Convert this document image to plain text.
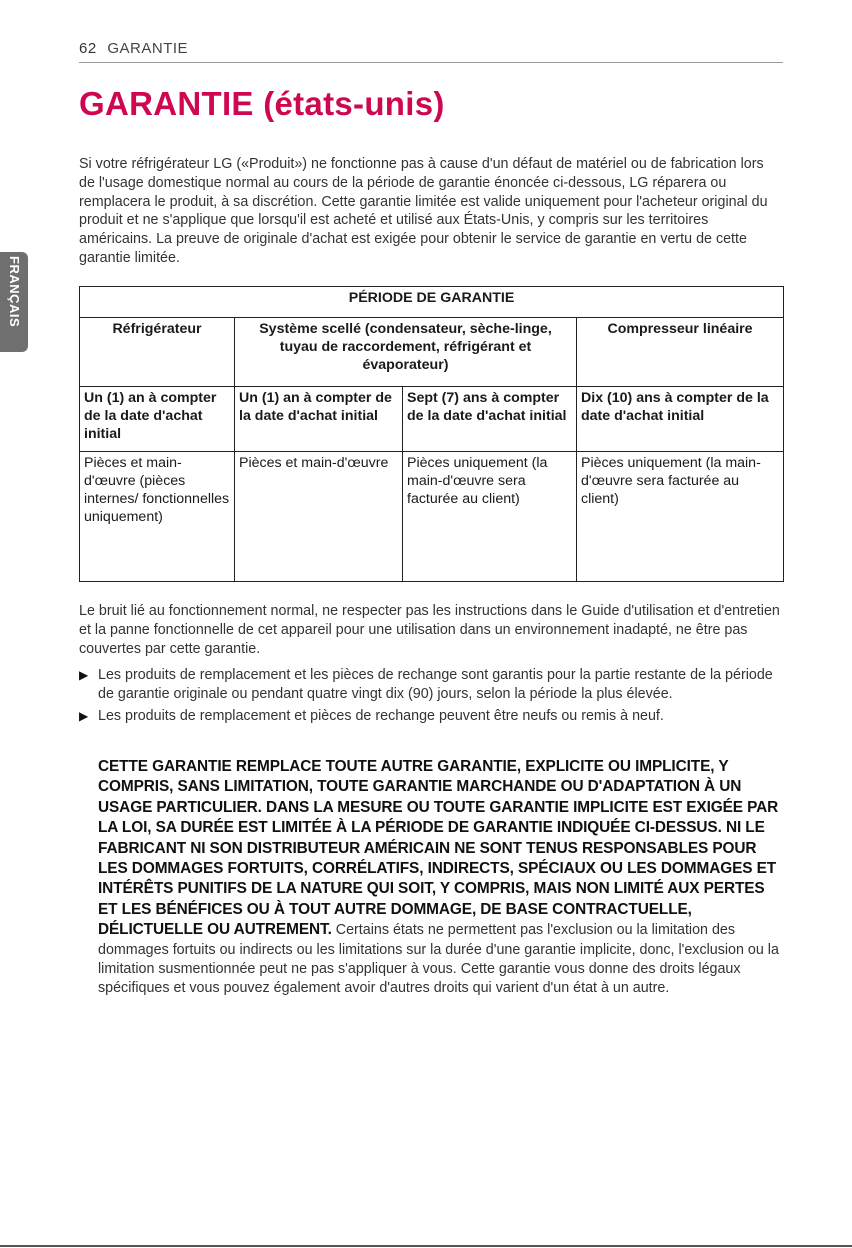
62 GARANTIE
GARANTIE (états-unis)
FRANÇAIS

Si votre réfrigérateur LG («Produit») ne fonctionne pas à cause d'un défaut de matériel ou de fabrication lors de l'usage domestique normal au cours de la période de garantie énoncée ci-dessous, LG réparera ou remplacera le produit, à sa discrétion. Cette garantie limitée est valide uniquement pour l'acheteur original du produit et ne s'applique que lorsqu'il est acheté et utilisé aux États-Unis, y compris sur les territoires américains. La preuve de originale d'achat est exigée pour obtenir le service de garantie en vertu de cette garantie limitée.

PÉRIODE DE GARANTIE			
Réfrigérateur	Système scellé (condensateur, sèche-linge, tuyau de raccordement, réfrigérant et évaporateur)		Compresseur linéaire
Un (1) an à compter de la date d'achat initial	Un (1) an à compter de la date d'achat initial	Sept (7) ans à compter de la date d'achat initial	Dix (10) ans à compter de la date d'achat initial
Pièces et main-d'œuvre (pièces internes/ fonctionnelles uniquement)	Pièces et main-d'œuvre	Pièces uniquement (la main-d'œuvre sera facturée au client)	Pièces uniquement (la main-d'œuvre sera facturée au client)

Le bruit lié au fonctionnement normal, ne respecter pas les instructions dans le Guide d'utilisation et d'entretien et la panne fonctionnelle de cet appareil pour une utilisation dans un environnement inadapté, ne être pas couvertes par cette garantie.

▶ Les produits de remplacement et les pièces de rechange sont garantis pour la partie restante de la période de garantie originale ou pendant quatre vingt dix (90) jours, selon la période la plus élevée.
▶ Les produits de remplacement et pièces de rechange peuvent être neufs ou remis à neuf.

CETTE GARANTIE REMPLACE TOUTE AUTRE GARANTIE, EXPLICITE OU IMPLICITE, Y COMPRIS, SANS LIMITATION, TOUTE GARANTIE MARCHANDE OU D'ADAPTATION À UN USAGE PARTICULIER. DANS LA MESURE OU TOUTE GARANTIE IMPLICITE EST EXIGÉE PAR LA LOI, SA DURÉE EST LIMITÉE À LA PÉRIODE DE GARANTIE INDIQUÉE CI-DESSUS. NI LE FABRICANT NI SON DISTRIBUTEUR AMÉRICAIN NE SONT TENUS RESPONSABLES POUR LES DOMMAGES FORTUITS, CORRÉLATIFS, INDIRECTS, SPÉCIAUX OU LES DOMMAGES ET INTÉRÊTS PUNITIFS DE LA NATURE QUI SOIT, Y COMPRIS, MAIS NON LIMITÉ AUX PERTES ET LES BÉNÉFICES OU À TOUT AUTRE DOMMAGE, DE BASE CONTRACTUELLE, DÉLICTUELLE OU AUTREMENT. Certains états ne permettent pas l'exclusion ou la limitation des dommages fortuits ou indirects ou les limitations sur la durée d'une garantie implicite, donc, l'exclusion ou la limitation susmentionnée peut ne pas s'appliquer à vous. Cette garantie vous donne des droits légaux spécifiques et vous pouvez également avoir d'autres droits qui varient d'un état à un autre.
